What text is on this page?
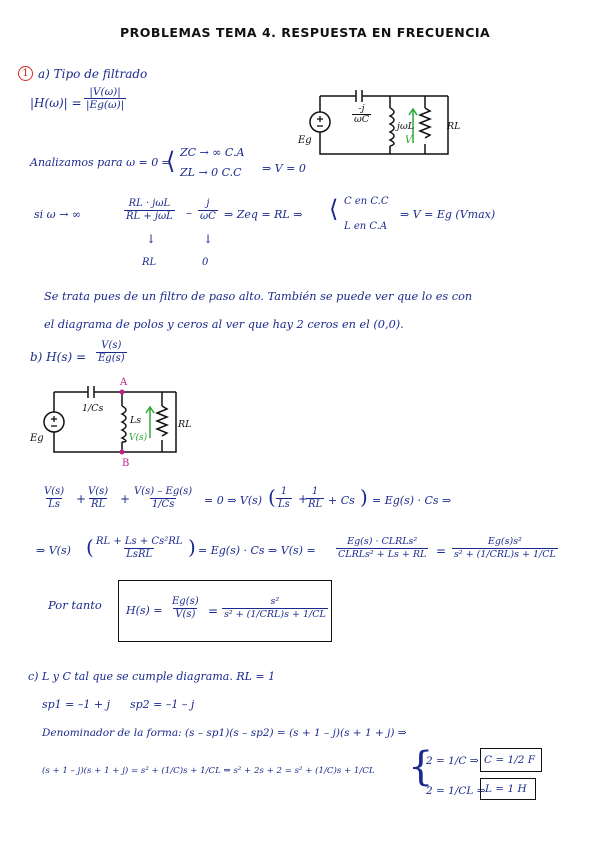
PROBLEMAS TEMA 4. RESPUESTA EN FRECUENCIA
1 a) Tipo de filtrado
$|H(\omega)| = \frac{|V(\omega)|}{|Eg(\omega)|}$
Eg
$\frac{-j}{\omega C}$
jωL	RL
V
Analizamos para ω = 0 ⇒
⟨ ZC → ∞ C.A
ZL → 0 C.C ⇒ V = 0
si ω → ∞
RL · jωL
RL + jωL – $\frac{j}{\omega C}$ ⇒ Zeq = RL ⇒ ⟨ C en C.C
L en C.A
⇒ V = Eg (Vmax)
↓
RL
↓
0
Se trata pues de un filtro de paso alto. También se puede ver que lo es con
el diagrama de polos y ceros al ver que hay 2 ceros en el (0,0).
b) $H(s) = \frac{V(s)}{Eg(s)}$
A
B
Eg
1/Cs
Ls
V(s)
RL
$\frac{V(s)}{Ls} + \frac{V(s)}{RL} + \frac{V(s) - Eg(s)}{1/Cs} = 0$ ⇒ V(s) ( $\frac{1}{Ls}$ +
$\frac{1}{RL} + Cs$ ) = Eg(s) · Cs ⇒
⇒ V(s) ( RL + Ls + Cs²RL
LsRL ) = Eg(s) · Cs ⇒ V(s) =
Eg(s) · CLRLs²
CLRLs² + Ls + RL =
Eg(s)s²
s² + (1/CRL)s + 1/CL
Por tanto $H(s) = \frac{Eg(s)}{V(s)}$ =
s²
s² + (1/CRL)s + 1/CL
c) L y C tal que se cumple diagrama. RL = 1
sp1 = –1 + j sp2 = –1 – j
Denominador de la forma: (s – sp1)(s – sp2) = (s + 1 – j)(s + 1 + j) ⇒
(s + 1 – j)(s + 1 + j) = s² + (1/C)s + 1/CL ⇒ s² + 2s + 2 = s² + (1/C)s + 1/CL {
2 = 1/C ⇒ C = 1/2 F
2 = 1/CL ⇒ L = 1 H
